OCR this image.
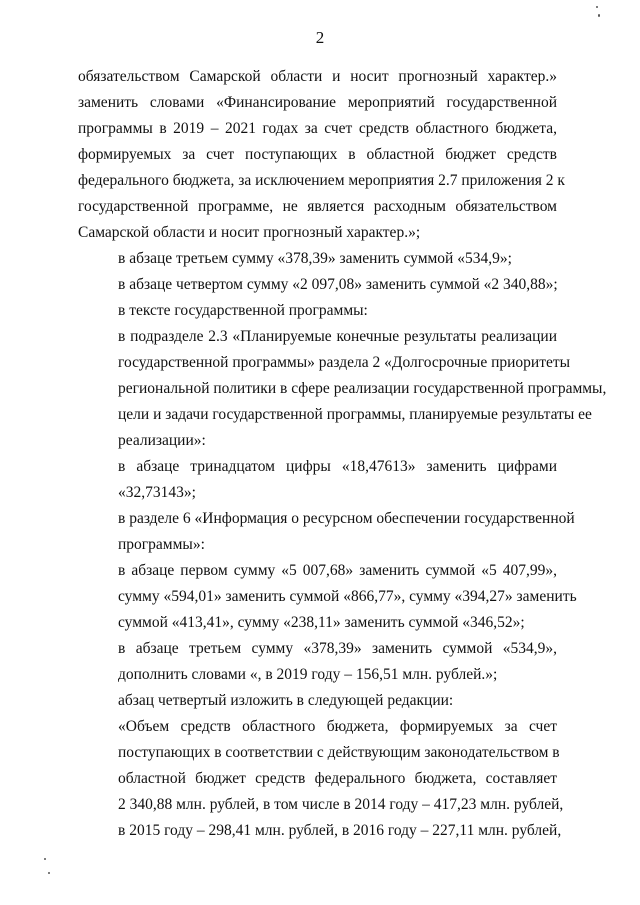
2

обязательством Самарской области и носит прогнозный характер.»
заменить словами «Финансирование мероприятий государственной
программы в 2019 – 2021 годах за счет средств областного бюджета,
формируемых за счет поступающих в областной бюджет средств
федерального бюджета, за исключением мероприятия 2.7 приложения 2 к
государственной программе, не является расходным обязательством
Самарской области и носит прогнозный характер.»;

в абзаце третьем сумму «378,39» заменить суммой «534,9»;

в абзаце четвертом сумму «2 097,08» заменить суммой «2 340,88»;

в тексте государственной программы:

в подразделе 2.3 «Планируемые конечные результаты реализации
государственной программы» раздела 2 «Долгосрочные приоритеты
региональной политики в сфере реализации государственной программы,
цели и задачи государственной программы, планируемые результаты ее
реализации»:

в абзаце тринадцатом цифры «18,47613» заменить цифрами
«32,73143»;

в разделе 6 «Информация о ресурсном обеспечении государственной
программы»:

в абзаце первом сумму «5 007,68» заменить суммой «5 407,99»,
сумму «594,01» заменить суммой «866,77», сумму «394,27» заменить
суммой «413,41», сумму «238,11» заменить суммой «346,52»;

в абзаце третьем сумму «378,39» заменить суммой «534,9»,
дополнить словами «, в 2019 году – 156,51 млн. рублей.»;

абзац четвертый изложить в следующей редакции:

«Объем средств областного бюджета, формируемых за счет
поступающих в соответствии с действующим законодательством в
областной бюджет средств федерального бюджета, составляет
2 340,88 млн. рублей, в том числе в 2014 году – 417,23 млн. рублей,
в 2015 году – 298,41 млн. рублей, в 2016 году – 227,11 млн. рублей,
